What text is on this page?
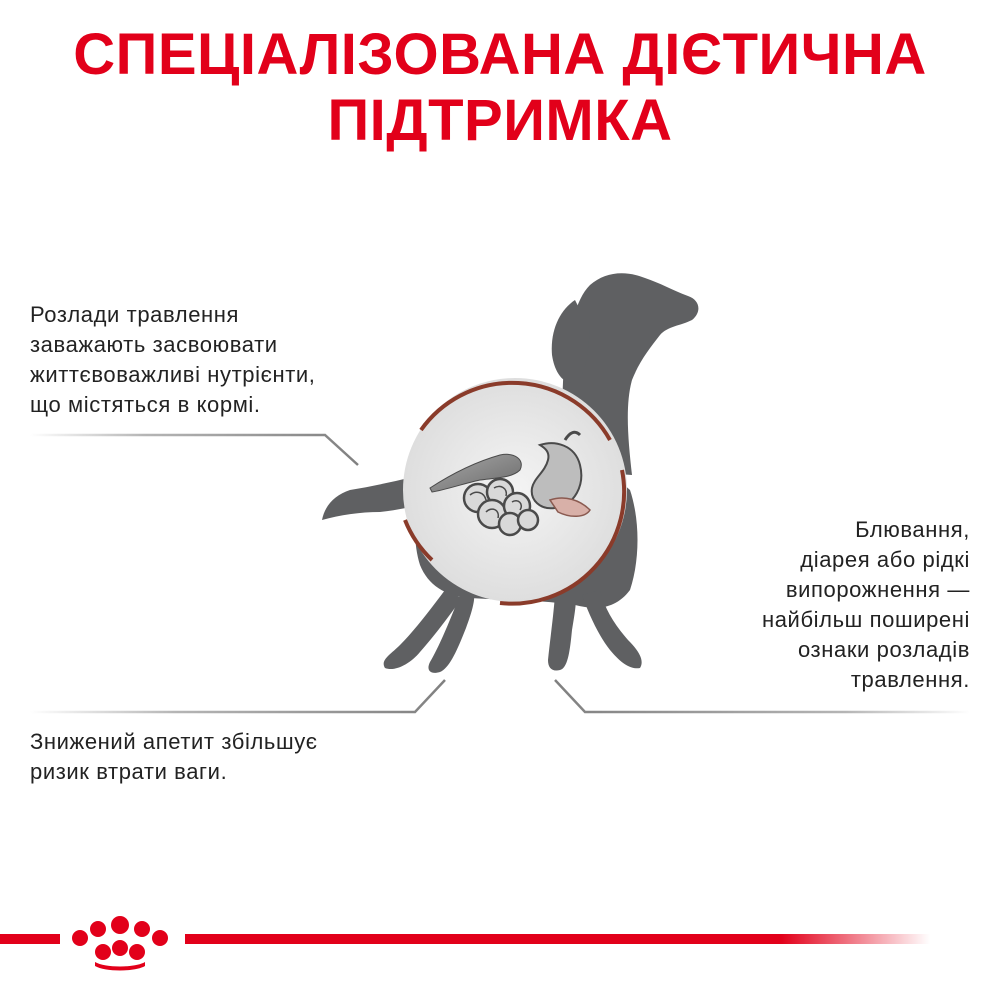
СПЕЦІАЛІЗОВАНА ДІЄТИЧНА
ПІДТРИМКА

Розлади травлення
заважають засвоювати
життєвоважливі нутрієнти,
що містяться в кормі.

Знижений апетит збільшує
ризик втрати ваги.

Блювання,
діарея або рідкі
випорожнення —
найбільш поширені
ознаки розладів
травлення.
